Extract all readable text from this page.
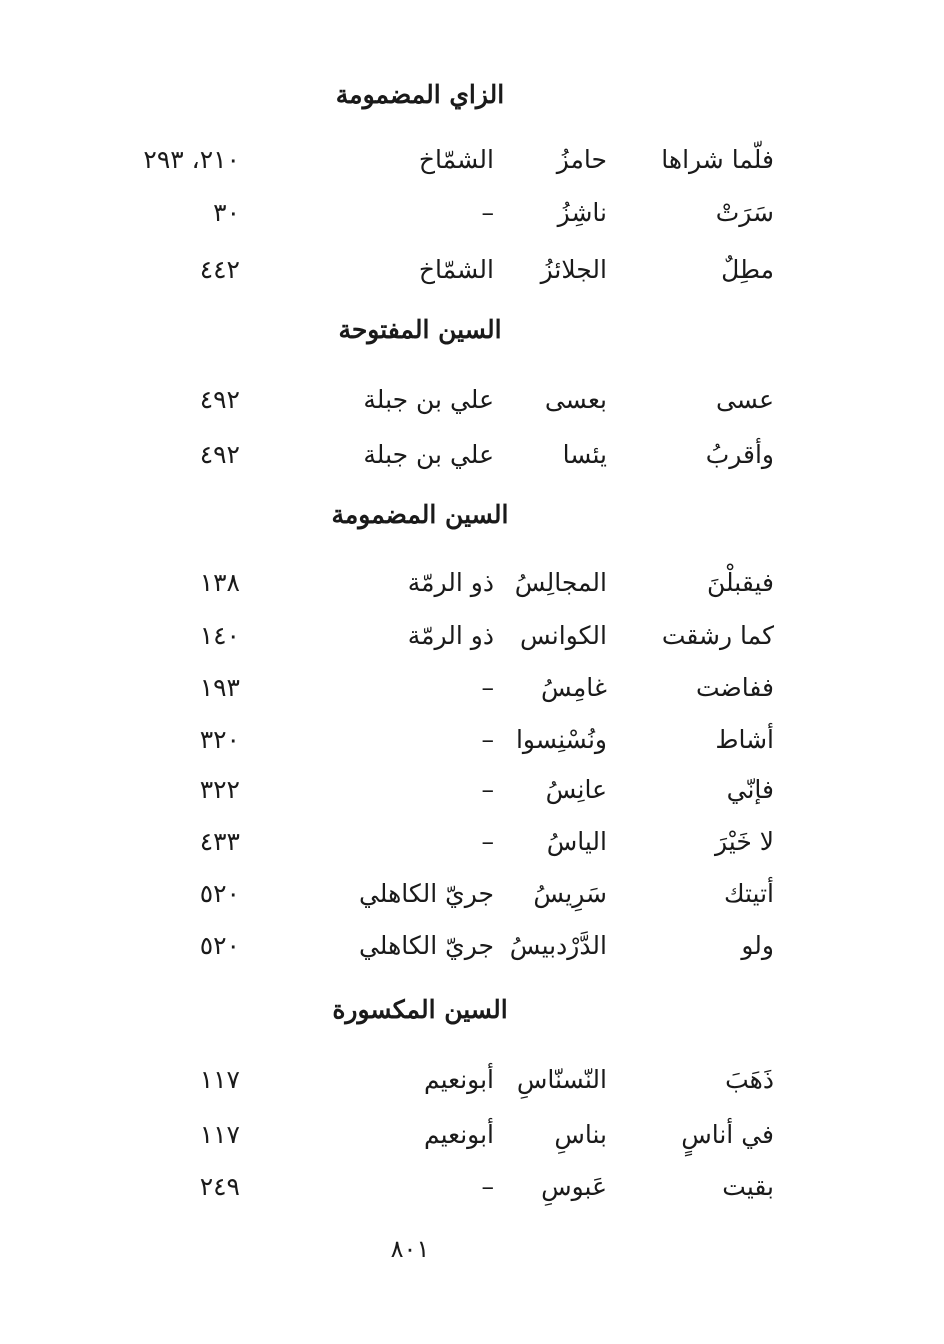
الزاي المضمومة
فلّما شراها
حامزُ
الشمّاخ
٢١٠، ٢٩٣
سَرَتْ
ناشِزُ
–
٣٠
مطِلٌ
الجلائزُ
الشمّاخ
٤٤٢
السين المفتوحة
عسى
بعسى
علي بن جبلة
٤٩٢
وأقربُ
يئسا
علي بن جبلة
٤٩٢
السين المضمومة
فيقبلْنَ
المجالِسُ
ذو الرمّة
١٣٨
كما رشقت
الكوانس
ذو الرمّة
١٤٠
ففاضت
غامِسُ
–
١٩٣
أشاط
ونُسْنِسوا
–
٣٢٠
فإنّي
عانِسُ
–
٣٢٢
لا خَيْرَ
الياسُ
–
٤٣٣
أتيتك
سَرِيسُ
جريّ الكاهلي
٥٢٠
ولو
الدَّرْدبيسُ
جريّ الكاهلي
٥٢٠
السين المكسورة
ذَهَبَ
النّسنّاسِ
أبونعيم
١١٧
في أناسٍ
بناسِ
أبونعيم
١١٧
بقيت
عَبوسِ
–
٢٤٩
٨٠١
